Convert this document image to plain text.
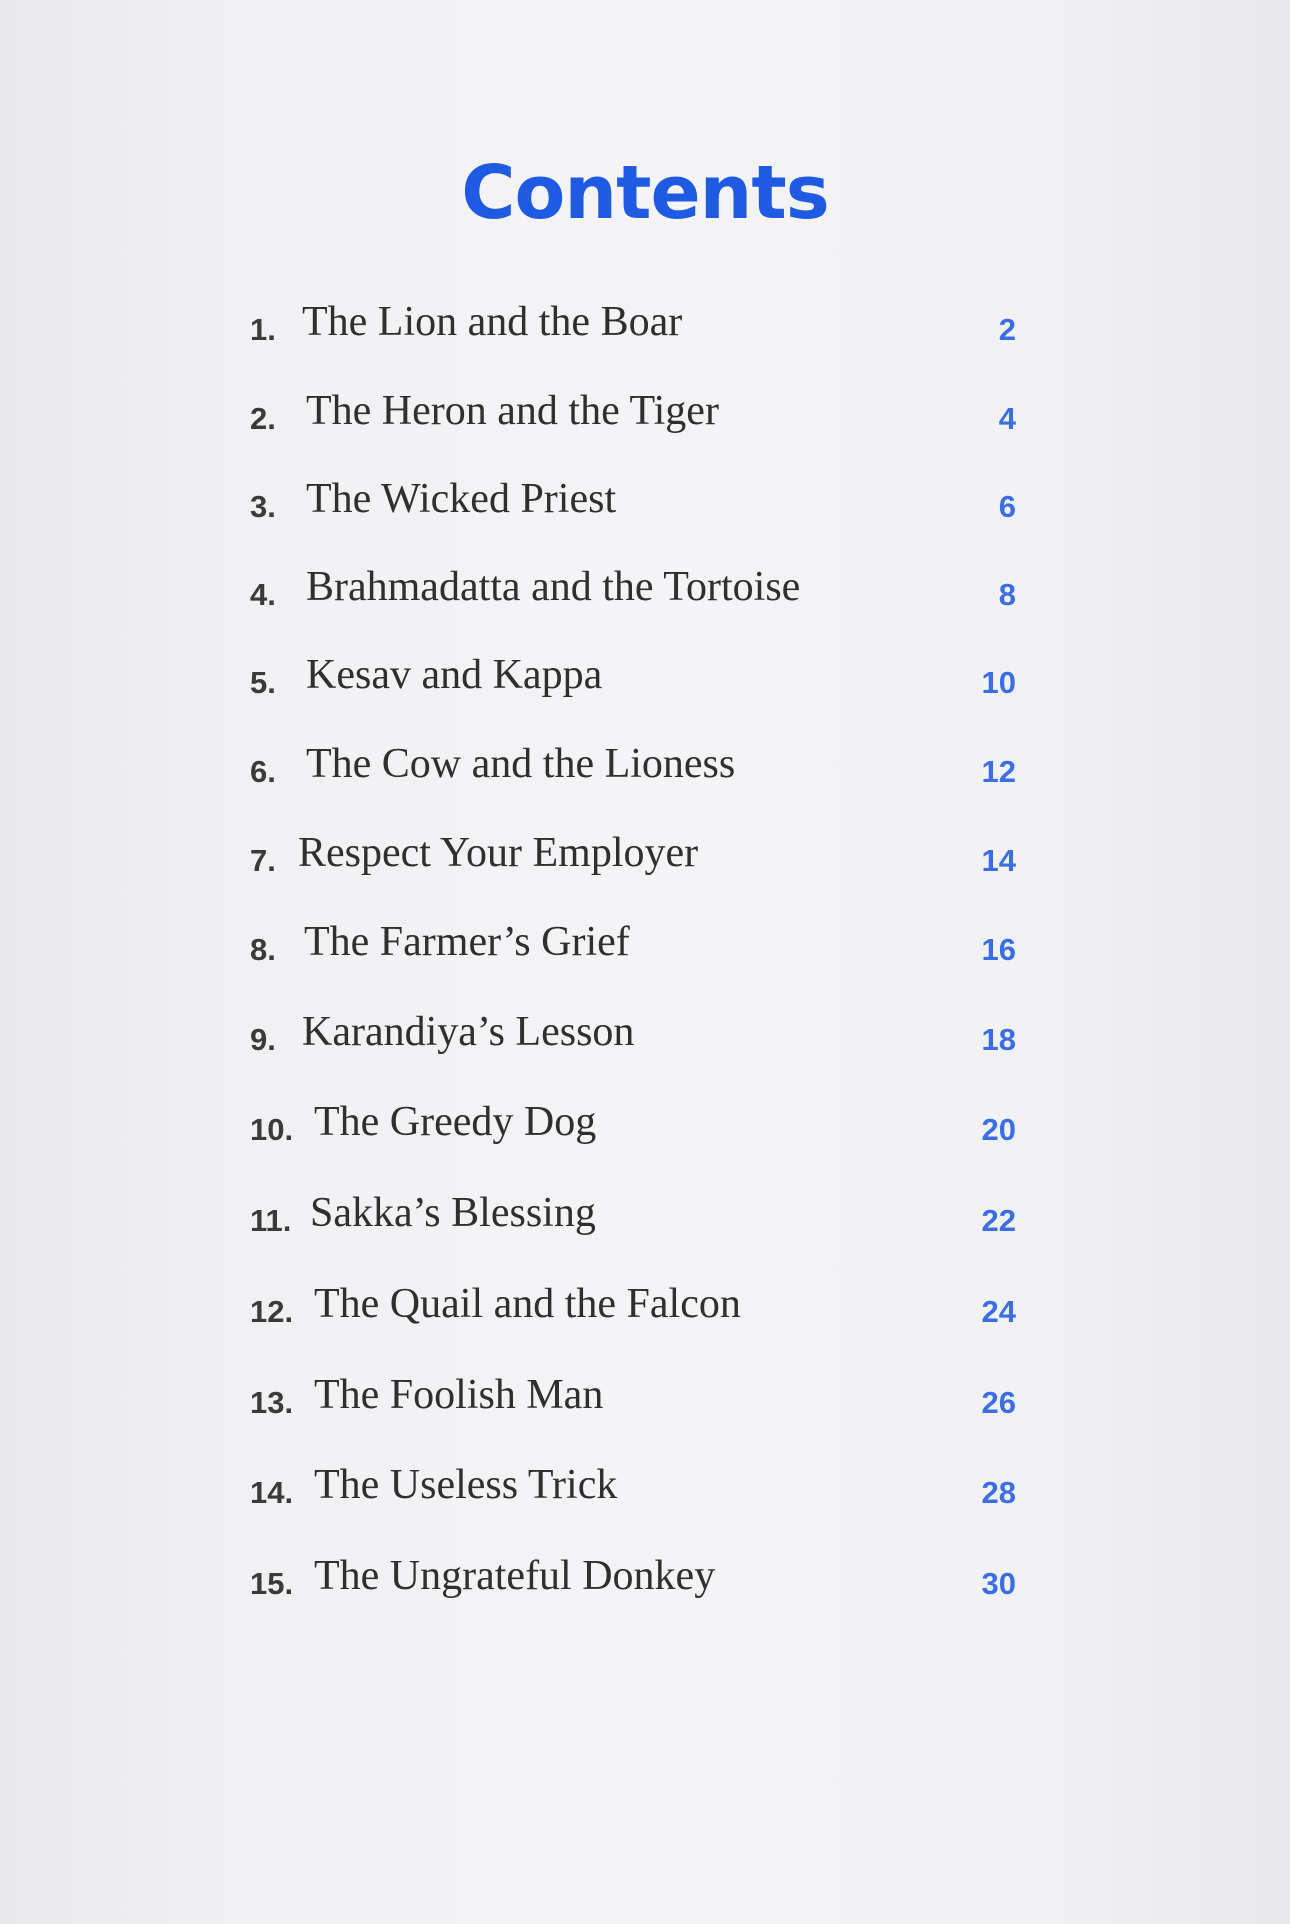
Contents
1. The Lion and the Boar	2
2. The Heron and the Tiger	4
3. The Wicked Priest	6
4. Brahmadatta and the Tortoise	8
5. Kesav and Kappa	10
6. The Cow and the Lioness	12
7. Respect Your Employer	14
8. The Farmer’s Grief	16
9. Karandiya’s Lesson	18
10. The Greedy Dog	20
11. Sakka’s Blessing	22
12. The Quail and the Falcon	24
13. The Foolish Man	26
14. The Useless Trick	28
15. The Ungrateful Donkey	30
